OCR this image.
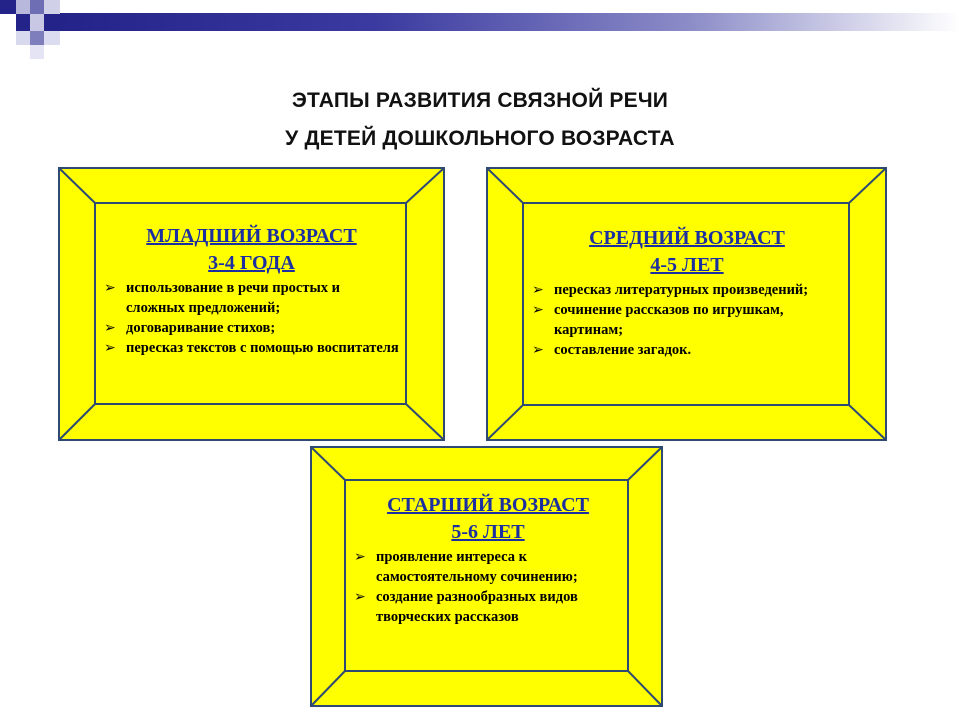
ЭТАПЫ РАЗВИТИЯ СВЯЗНОЙ РЕЧИ
У ДЕТЕЙ ДОШКОЛЬНОГО ВОЗРАСТА
МЛАДШИЙ ВОЗРАСТ
3-4 ГОДА
➢ использование в речи простых и сложных предложений;
➢ договаривание стихов;
➢ пересказ текстов с помощью воспитателя
СРЕДНИЙ ВОЗРАСТ
4-5 ЛЕТ
➢ пересказ литературных произведений;
➢ сочинение рассказов по игрушкам, картинам;
➢ составление загадок.
СТАРШИЙ ВОЗРАСТ
5-6 ЛЕТ
➢ проявление интереса к самостоятельному сочинению;
➢ создание разнообразных видов творческих рассказов
